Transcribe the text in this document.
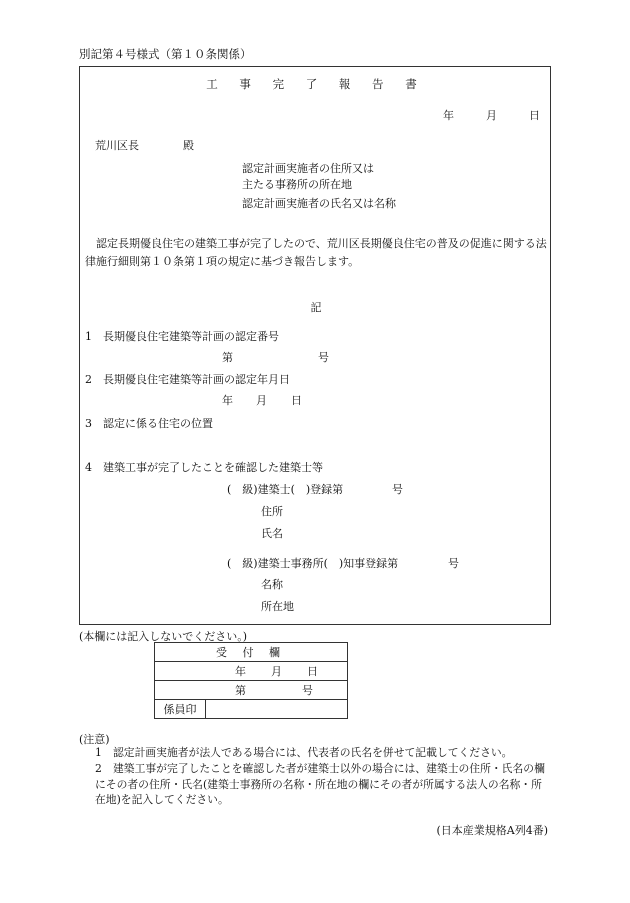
別記第４号様式（第１０条関係）
工 事 完 了 報 告 書
年	月	日
荒川区長	殿
認定計画実施者の住所又は
主たる事務所の所在地
認定計画実施者の氏名又は名称
認定長期優良住宅の建築工事が完了したので、荒川区長期優良住宅の普及の促進に関する法律施行細則第１０条第１項の規定に基づき報告します。
記
1 長期優良住宅建築等計画の認定番号
第	号
2 長期優良住宅建築等計画の認定年月日
年 月 日
3 認定に係る住宅の位置
4 建築工事が完了したことを確認した建築士等
(　級)建築士(　)登録第	号
住所
氏名
(　級)建築士事務所(　)知事登録第	号
名称
所在地
(本欄には記入しないでください。)
受 付 欄
年 月 日
第	号
係員印	
(注意)
1 認定計画実施者が法人である場合には、代表者の氏名を併せて記載してください。
2 建築工事が完了したことを確認した者が建築士以外の場合には、建築士の住所・氏名の欄にその者の住所・氏名(建築士事務所の名称・所在地の欄にその者が所属する法人の名称・所在地)を記入してください。
(日本産業規格A列4番)
